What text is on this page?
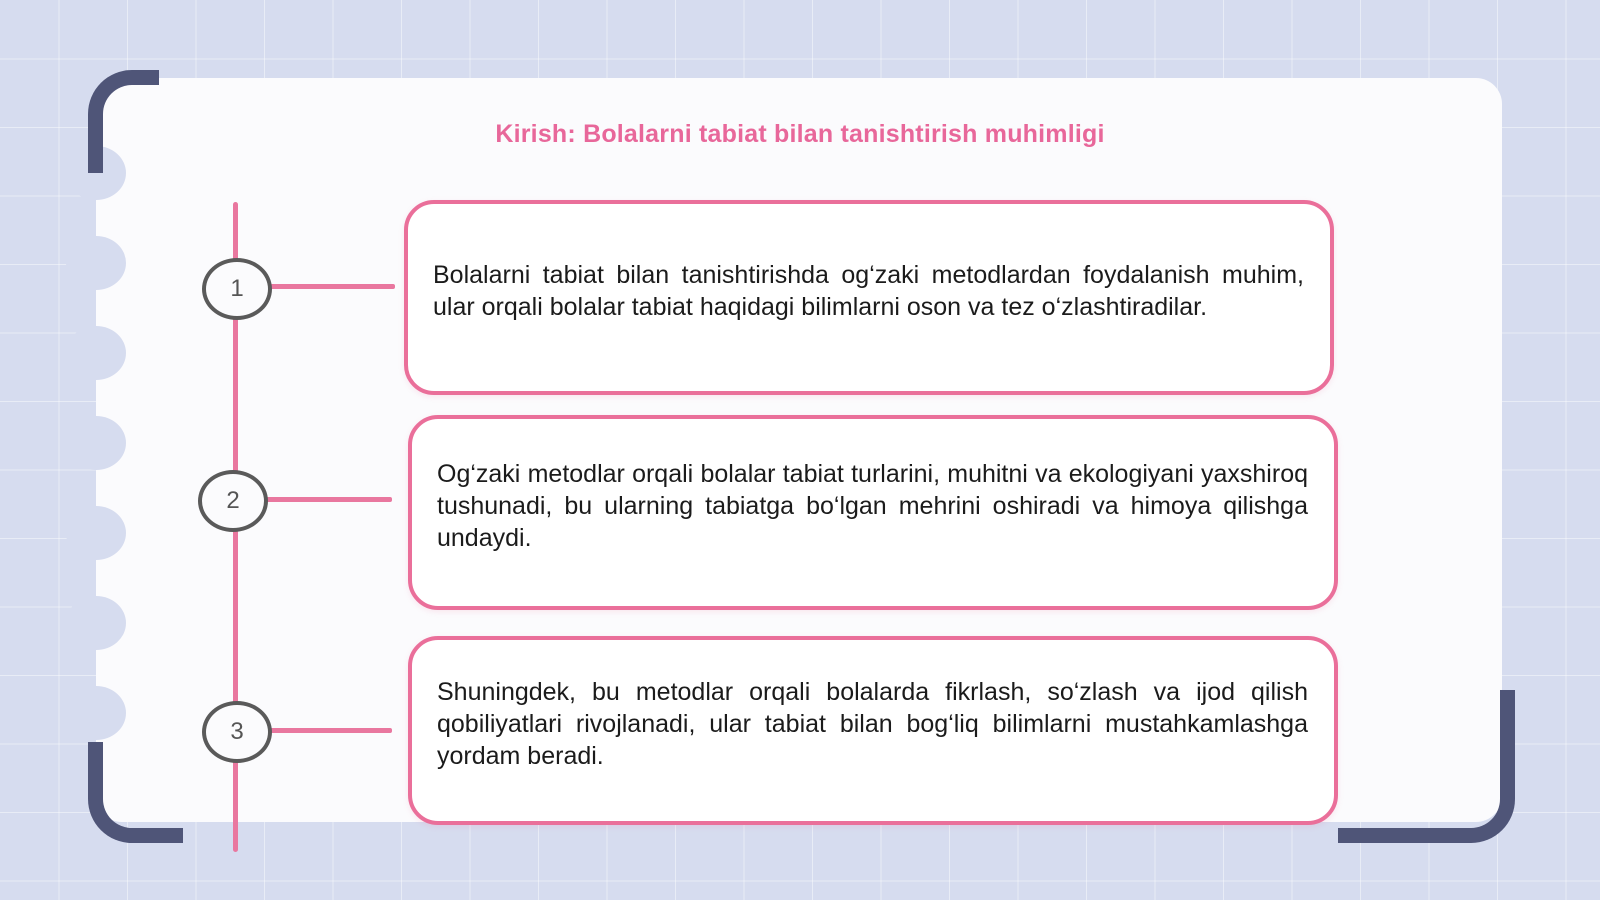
Kirish: Bolalarni tabiat bilan tanishtirish muhimligi
1	Bolalarni tabiat bilan tanishtirishda og‘zaki metodlardan foydalanish muhim, ular orqali bolalar tabiat haqidagi bilimlarni oson va tez o‘zlashtiradilar.

2

Og‘zaki metodlar orqali bolalar tabiat turlarini, muhitni va ekologiyani yaxshiroq tushunadi, bu ularning tabiatga bo‘lgan mehrini oshiradi va himoya qilishga undaydi.

3

Shuningdek, bu metodlar orqali bolalarda fikrlash, so‘zlash va ijod qilish qobiliyatlari rivojlanadi, ular tabiat bilan bog‘liq bilimlarni mustahkamlashga yordam beradi.
